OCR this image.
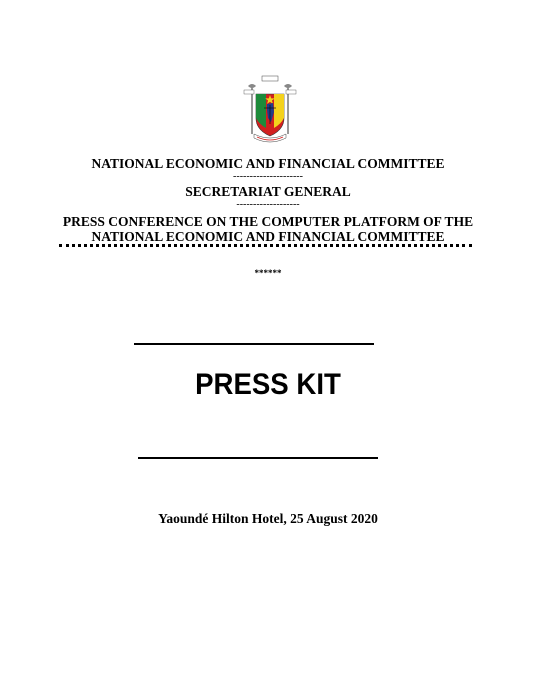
NATIONAL ECONOMIC AND FINANCIAL COMMITTEE
---------------------
SECRETARIAT GENERAL
-------------------
PRESS CONFERENCE ON THE COMPUTER PLATFORM OF THE
NATIONAL ECONOMIC AND FINANCIAL COMMITTEE
******
PRESS KIT
Yaoundé Hilton Hotel, 25 August 2020
